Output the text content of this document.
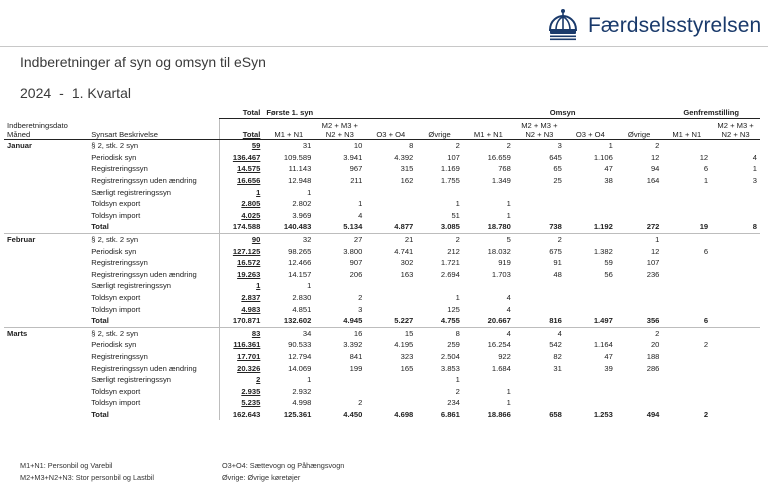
Færdselsstyrelsen
Indberetninger af syn og omsyn til eSyn
2024 - 1. Kvartal
		Total	Første 1. syn				Omsyn				Genfremstilling	
Indberetningsdato Måned	Synsart Beskrivelse	Total	M1 + N1	M2 + M3 + N2 + N3	O3 + O4	Øvrige	M1 + N1	M2 + M3 + N2 + N3	O3 + O4	Øvrige	M1 + N1	M2 + M3 + N2 + N3
Januar	§ 2, stk. 2 syn	59	31	10	8	2	2	3	1	2		
	Periodisk syn	136.467	109.589	3.941	4.392	107	16.659	645	1.106	12	12	4
	Registreringssyn	14.575	11.143	967	315	1.169	768	65	47	94	6	1
	Registreringssyn uden ændring	16.656	12.948	211	162	1.755	1.349	25	38	164	1	3
	Særligt registreringssyn	1	1									
	Toldsyn export	2.805	2.802	1		1	1					
	Toldsyn import	4.025	3.969	4		51	1					
	Total	174.588	140.483	5.134	4.877	3.085	18.780	738	1.192	272	19	8
Februar	§ 2, stk. 2 syn	90	32	27	21	2	5	2		1		
	Periodisk syn	127.125	98.265	3.800	4.741	212	18.032	675	1.382	12	6	
	Registreringssyn	16.572	12.466	907	302	1.721	919	91	59	107		
	Registreringssyn uden ændring	19.263	14.157	206	163	2.694	1.703	48	56	236		
	Særligt registreringssyn	1	1									
	Toldsyn export	2.837	2.830	2		1	4					
	Toldsyn import	4.983	4.851	3		125	4					
	Total	170.871	132.602	4.945	5.227	4.755	20.667	816	1.497	356	6	
Marts	§ 2, stk. 2 syn	83	34	16	15	8	4	4		2		
	Periodisk syn	116.361	90.533	3.392	4.195	259	16.254	542	1.164	20	2	
	Registreringssyn	17.701	12.794	841	323	2.504	922	82	47	188		
	Registreringssyn uden ændring	20.326	14.069	199	165	3.853	1.684	31	39	286		
	Særligt registreringssyn	2	1			1						
	Toldsyn export	2.935	2.932			2	1					
	Toldsyn import	5.235	4.998	2		234	1					
	Total	162.643	125.361	4.450	4.698	6.861	18.866	658	1.253	494	2	
M1+N1: Personbil og Varebil
M2+M3+N2+N3: Stor personbil og Lastbil
O3+O4: Sættevogn og Påhængsvogn
Øvrige: Øvrige køretøjer
